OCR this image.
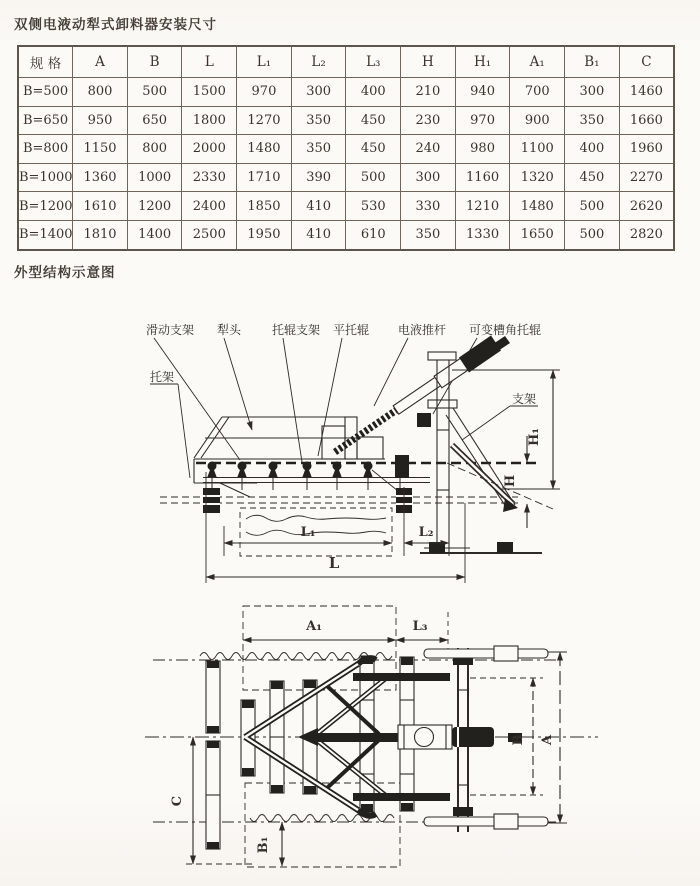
双侧电液动犁式卸料器安装尺寸
规 格	A	B	L	L₁	L₂	L₃	H	H₁	A₁	B₁	C
B=500	800	500	1500	970	300	400	210	940	700	300	1460
B=650	950	650	1800	1270	350	450	230	970	900	350	1660
B=800	1150	800	2000	1480	350	450	240	980	1100	400	1960
B=1000	1360	1000	2330	1710	390	500	300	1160	1320	450	2270
B=1200	1610	1200	2400	1850	410	530	330	1210	1480	500	2620
B=1400	1810	1400	2500	1950	410	610	350	1330	1650	500	2820
外型结构示意图
滑动支架 犁头	托辊支架 平托辊 电液推杆 可变槽角托辊
托架
支架
L₁	L₂
L
H₁
H
A₁	L₃
A
B
C
B₁
